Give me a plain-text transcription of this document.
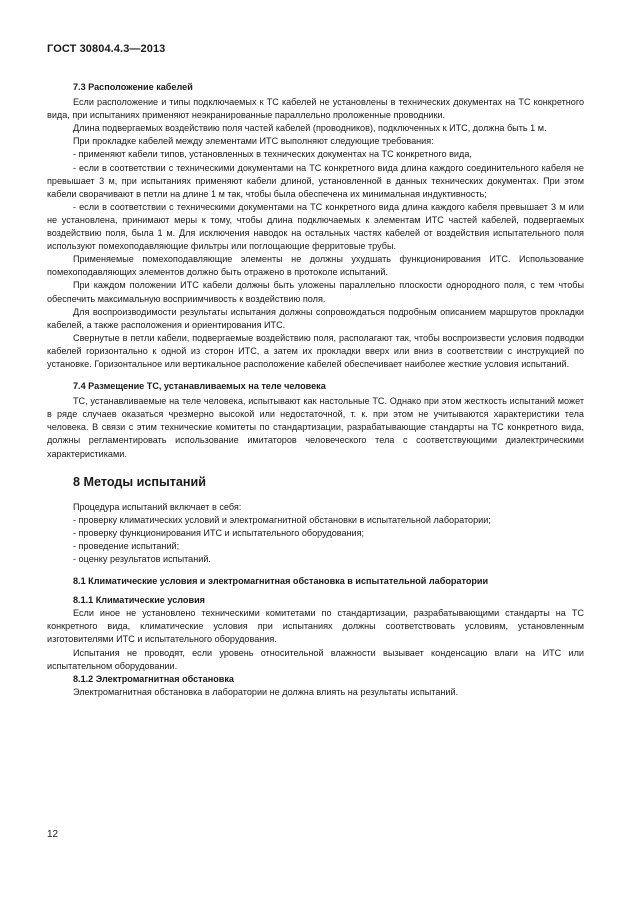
ГОСТ 30804.4.3—2013
7.3 Расположение кабелей

Если расположение и типы подключаемых к ТС кабелей не установлены в технических документах на ТС конкретного вида, при испытаниях применяют неэкранированные параллельно проложенные проводники.

Длина подвергаемых воздействию поля частей кабелей (проводников), подключенных к ИТС, должна быть 1 м.

При прокладке кабелей между элементами ИТС выполняют следующие требования:

- применяют кабели типов, установленных в технических документах на ТС конкретного вида,

- если в соответствии с техническими документами на ТС конкретного вида длина каждого соединительного кабеля не превышает 3 м, при испытаниях применяют кабели длиной, установленной в данных технических документах. При этом кабели сворачивают в петли на длине 1 м так, чтобы была обеспечена их минимальная индуктивность;

- если в соответствии с техническими документами на ТС конкретного вида длина каждого кабеля превышает 3 м или не установлена, принимают меры к тому, чтобы длина подключаемых к элементам ИТС частей кабелей, подвергаемых воздействию поля, была 1 м. Для исключения наводок на остальных частях кабелей от воздействия испытательного поля используют помехоподавляющие фильтры или поглощающие ферритовые трубы.

Применяемые помехоподавляющие элементы не должны ухудшать функционирования ИТС. Использование помехоподавляющих элементов должно быть отражено в протоколе испытаний.

При каждом положении ИТС кабели должны быть уложены параллельно плоскости однородного поля, с тем чтобы обеспечить максимальную восприимчивость к воздействию поля.

Для воспроизводимости результаты испытания должны сопровождаться подробным описанием маршрутов прокладки кабелей, а также расположения и ориентирования ИТС.

Свернутые в петли кабели, подвергаемые воздействию поля, располагают так, чтобы воспроизвести условия подводки кабелей горизонтально к одной из сторон ИТС, а затем их прокладки вверх или вниз в соответствии с инструкцией по установке. Горизонтальное или вертикальное расположение кабелей обеспечивает наиболее жесткие условия испытаний.

7.4 Размещение ТС, устанавливаемых на теле человека

ТС, устанавливаемые на теле человека, испытывают как настольные ТС. Однако при этом жесткость испытаний может в ряде случаев оказаться чрезмерно высокой или недостаточной, т. к. при этом не учитываются характеристики тела человека. В связи с этим технические комитеты по стандартизации, разрабатывающие стандарты на ТС конкретного вида, должны регламентировать использование имитаторов человеческого тела с соответствующими диэлектрическими характеристиками.

8 Методы испытаний

Процедура испытаний включает в себя:

- проверку климатических условий и электромагнитной обстановки в испытательной лаборатории;

- проверку функционирования ИТС и испытательного оборудования;

- проведение испытаний;

- оценку результатов испытаний.

8.1 Климатические условия и электромагнитная обстановка в испытательной лаборатории
8.1.1 Климатические условия

Если иное не установлено техническими комитетами по стандартизации, разрабатывающими стандарты на ТС конкретного вида, климатические условия при испытаниях должны соответствовать условиям, установленным изготовителями ИТС и испытательного оборудования.

Испытания не проводят, если уровень относительной влажности вызывает конденсацию влаги на ИТС или испытательном оборудовании.

8.1.2 Электромагнитная обстановка

Электромагнитная обстановка в лаборатории не должна влиять на результаты испытаний.

12
